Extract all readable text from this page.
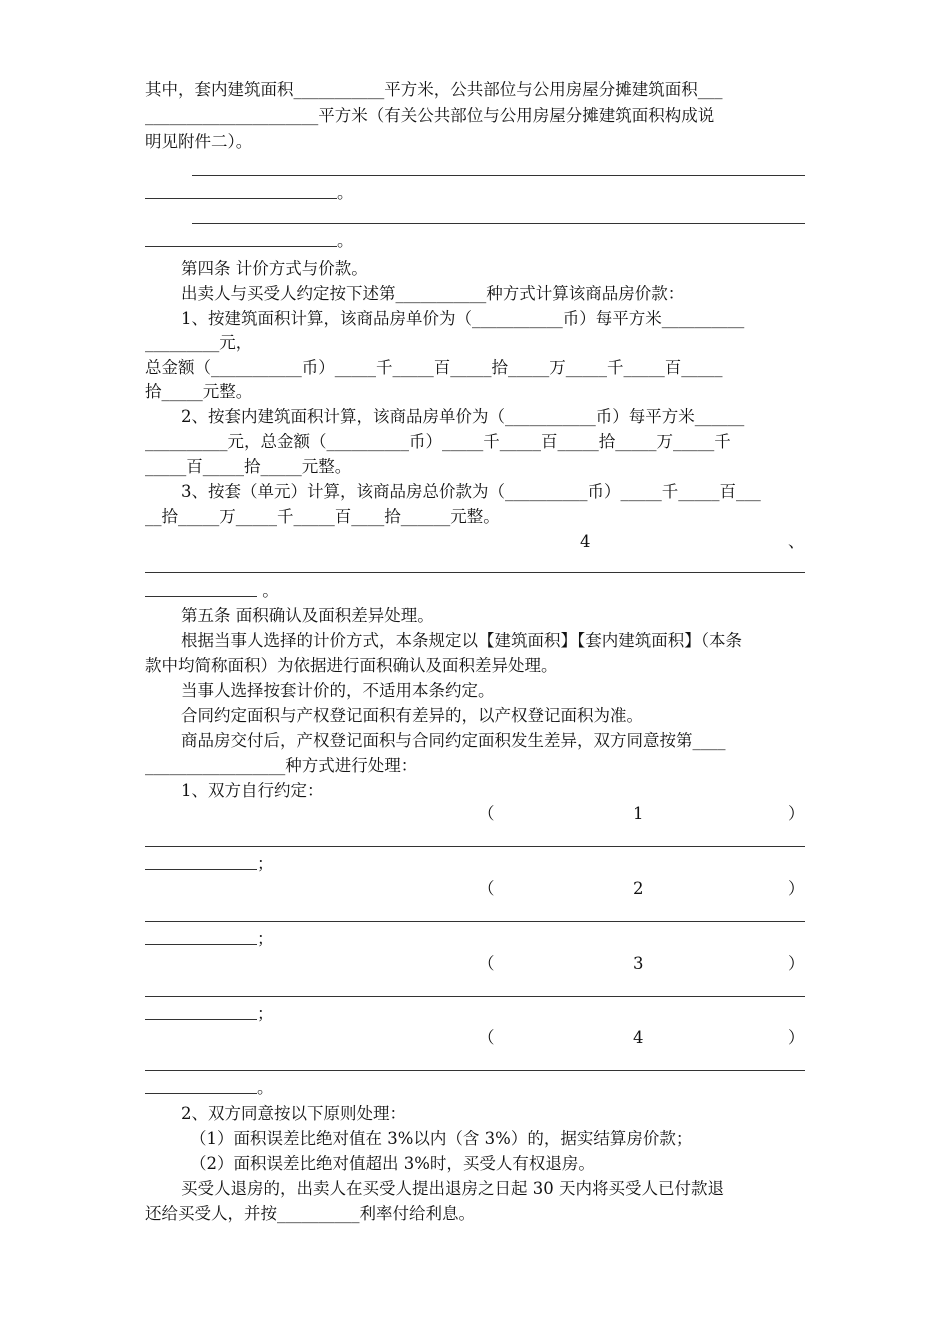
其中，套内建筑面积___________平方米，公共部位与公用房屋分摊建筑面积___
_____________________平方米（有关公共部位与公用房屋分摊建筑面积构成说
明见附件二）。
。
。
第四条 计价方式与价款。
出卖人与买受人约定按下述第___________种方式计算该商品房价款：
1、按建筑面积计算，该商品房单价为（___________币）每平方米__________
_________元，
总金额（___________币）_____千_____百_____拾_____万_____千_____百_____
拾_____元整。
2、按套内建筑面积计算，该商品房单价为（___________币）每平方米______
__________元，总金额（__________币）_____千_____百_____拾_____万_____千
_____百_____拾_____元整。
3、按套（单元）计算，该商品房总价款为（__________币）_____千_____百___
__拾_____万_____千_____百____拾______元整。
4	、
。
第五条 面积确认及面积差异处理。
根据当事人选择的计价方式，本条规定以【建筑面积】【套内建筑面积】（本条
款中均简称面积）为依据进行面积确认及面积差异处理。
当事人选择按套计价的，不适用本条约定。
合同约定面积与产权登记面积有差异的，以产权登记面积为准。
商品房交付后，产权登记面积与合同约定面积发生差异，双方同意按第____
_________________种方式进行处理：
1、双方自行约定：
（	1	）
；
（	2	）
；
（	3	）
；
（	4	）
。
2、双方同意按以下原则处理：
（1）面积误差比绝对值在 3%以内（含 3%）的，据实结算房价款；
（2）面积误差比绝对值超出 3%时，买受人有权退房。
买受人退房的，出卖人在买受人提出退房之日起 30 天内将买受人已付款退
还给买受人，并按__________利率付给利息。
